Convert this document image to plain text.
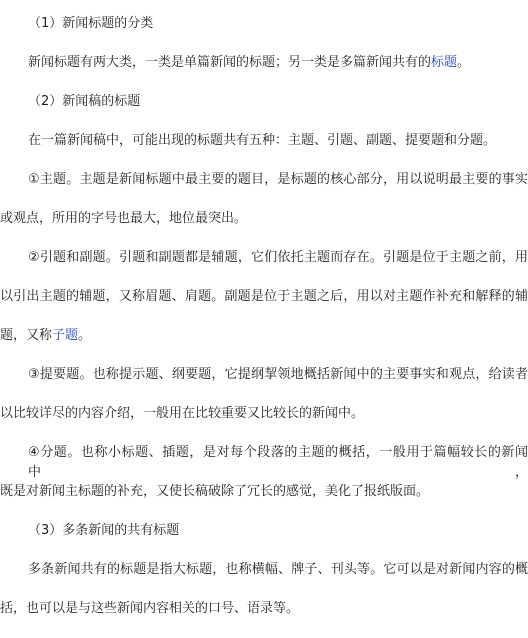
（1）新闻标题的分类
新闻标题有两大类，一类是单篇新闻的标题；另一类是多篇新闻共有的标题。
（2）新闻稿的标题
在一篇新闻稿中，可能出现的标题共有五种：主题、引题、副题、提要题和分题。
①主题。主题是新闻标题中最主要的题目，是标题的核心部分，用以说明最主要的事实
或观点，所用的字号也最大，地位最突出。
②引题和副题。引题和副题都是辅题，它们依托主题而存在。引题是位于主题之前，用
以引出主题的辅题，又称眉题、肩题。副题是位于主题之后，用以对主题作补充和解释的辅
题，又称子题。
③提要题。也称提示题、纲要题，它提纲挈领地概括新闻中的主要事实和观点，给读者
以比较详尽的内容介绍，一般用在比较重要又比较长的新闻中。
④分题。也称小标题、插题，是对每个段落的主题的概括，一般用于篇幅较长的新闻中，
既是对新闻主标题的补充，又使长稿破除了冗长的感觉，美化了报纸版面。
（3）多条新闻的共有标题
多条新闻共有的标题是指大标题，也称横幅、牌子、刊头等。它可以是对新闻内容的概
括，也可以是与这些新闻内容相关的口号、语录等。
